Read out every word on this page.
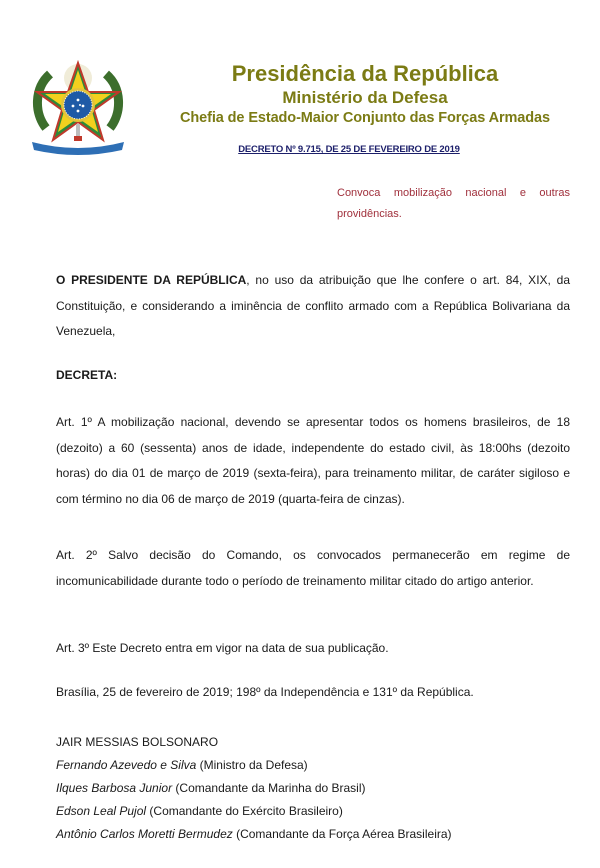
Presidência da República
Ministério da Defesa
Chefia de Estado-Maior Conjunto das Forças Armadas
DECRETO Nº 9.715, DE 25 DE FEVEREIRO DE 2019
Convoca mobilização nacional e outras providências.

O PRESIDENTE DA REPÚBLICA, no uso da atribuição que lhe confere o art. 84, XIX, da Constituição, e considerando a iminência de conflito armado com a República Bolivariana da Venezuela,

DECRETA:

Art. 1º A mobilização nacional, devendo se apresentar todos os homens brasileiros, de 18 (dezoito) a 60 (sessenta) anos de idade, independente do estado civil, às 18:00hs (dezoito horas) do dia 01 de março de 2019 (sexta-feira), para treinamento militar, de caráter sigiloso e com término no dia 06 de março de 2019 (quarta-feira de cinzas).

Art. 2º Salvo decisão do Comando, os convocados permanecerão em regime de incomunicabilidade durante todo o período de treinamento militar citado do artigo anterior.

Art. 3º Este Decreto entra em vigor na data de sua publicação.

Brasília, 25 de fevereiro de 2019; 198º da Independência e 131º da República.

JAIR MESSIAS BOLSONARO
Fernando Azevedo e Silva (Ministro da Defesa)
Ilques Barbosa Junior (Comandante da Marinha do Brasil)
Edson Leal Pujol (Comandante do Exército Brasileiro)
Antônio Carlos Moretti Bermudez (Comandante da Força Aérea Brasileira)
